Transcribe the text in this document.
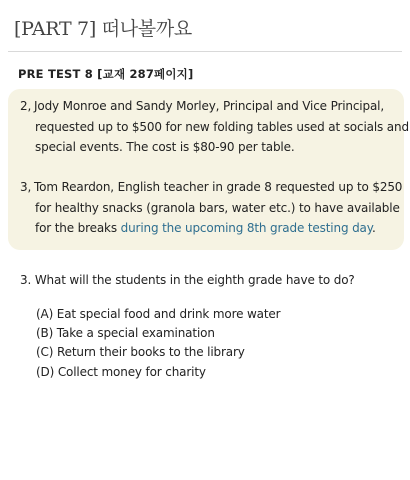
[PART 7] 떠나볼까요
PRE TEST 8 [교재 287페이지]
2, Jody Monroe and Sandy Morley, Principal and Vice Principal,
requested up to $500 for new folding tables used at socials and
special events. The cost is $80-90 per table.
3, Tom Reardon, English teacher in grade 8 requested up to $250
for healthy snacks (granola bars, water etc.) to have available
for the breaks during the upcoming 8th grade testing day.
3. What will the students in the eighth grade have to do?
(A) Eat special food and drink more water
(B) Take a special examination
(C) Return their books to the library
(D) Collect money for charity
